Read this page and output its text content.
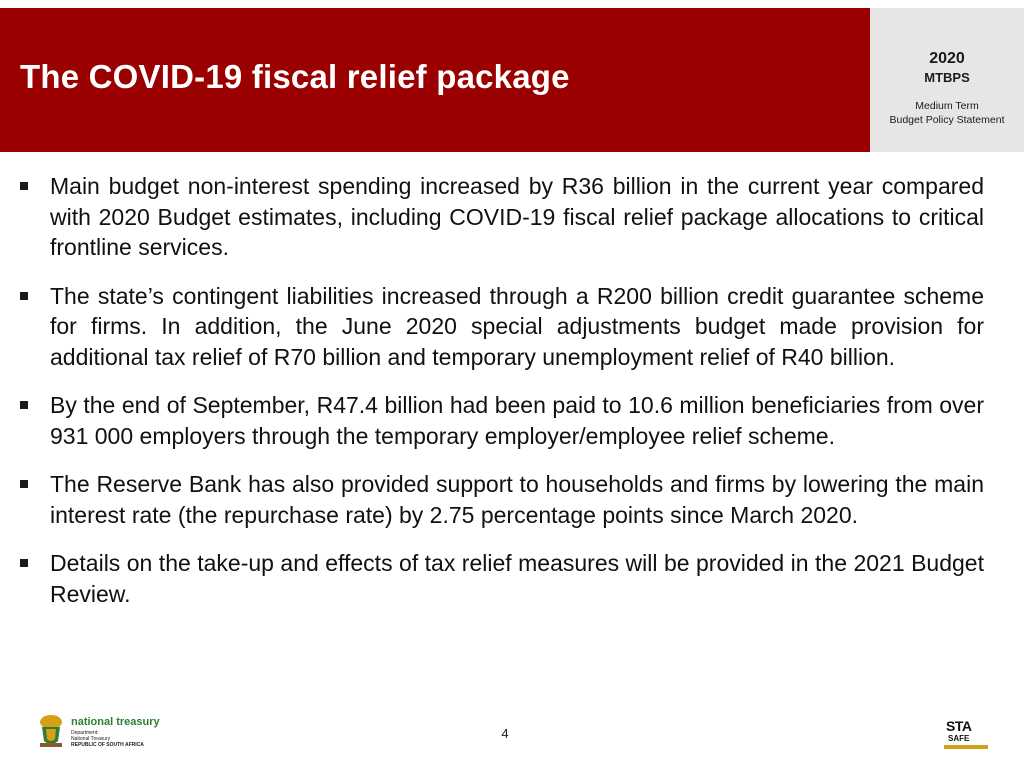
The COVID-19 fiscal relief package	2020
MTBPS
Medium Term
Budget Policy Statement
Main budget non-interest spending increased by R36 billion in the current year compared with 2020 Budget estimates, including COVID-19 fiscal relief package allocations to critical frontline services.
The state’s contingent liabilities increased through a R200 billion credit guarantee scheme for firms. In addition, the June 2020 special adjustments budget made provision for additional tax relief of R70 billion and temporary unemployment relief of R40 billion.
By the end of September, R47.4 billion had been paid to 10.6 million beneficiaries from over 931 000 employers through the temporary employer/employee relief scheme.
The Reserve Bank has also provided support to households and firms by lowering the main interest rate (the repurchase rate) by 2.75 percentage points since March 2020.
Details on the take-up and effects of tax relief measures will be provided in the 2021 Budget Review.
national treasury
Department:
National Treasury
REPUBLIC OF SOUTH AFRICA
4	STA
SAFE
